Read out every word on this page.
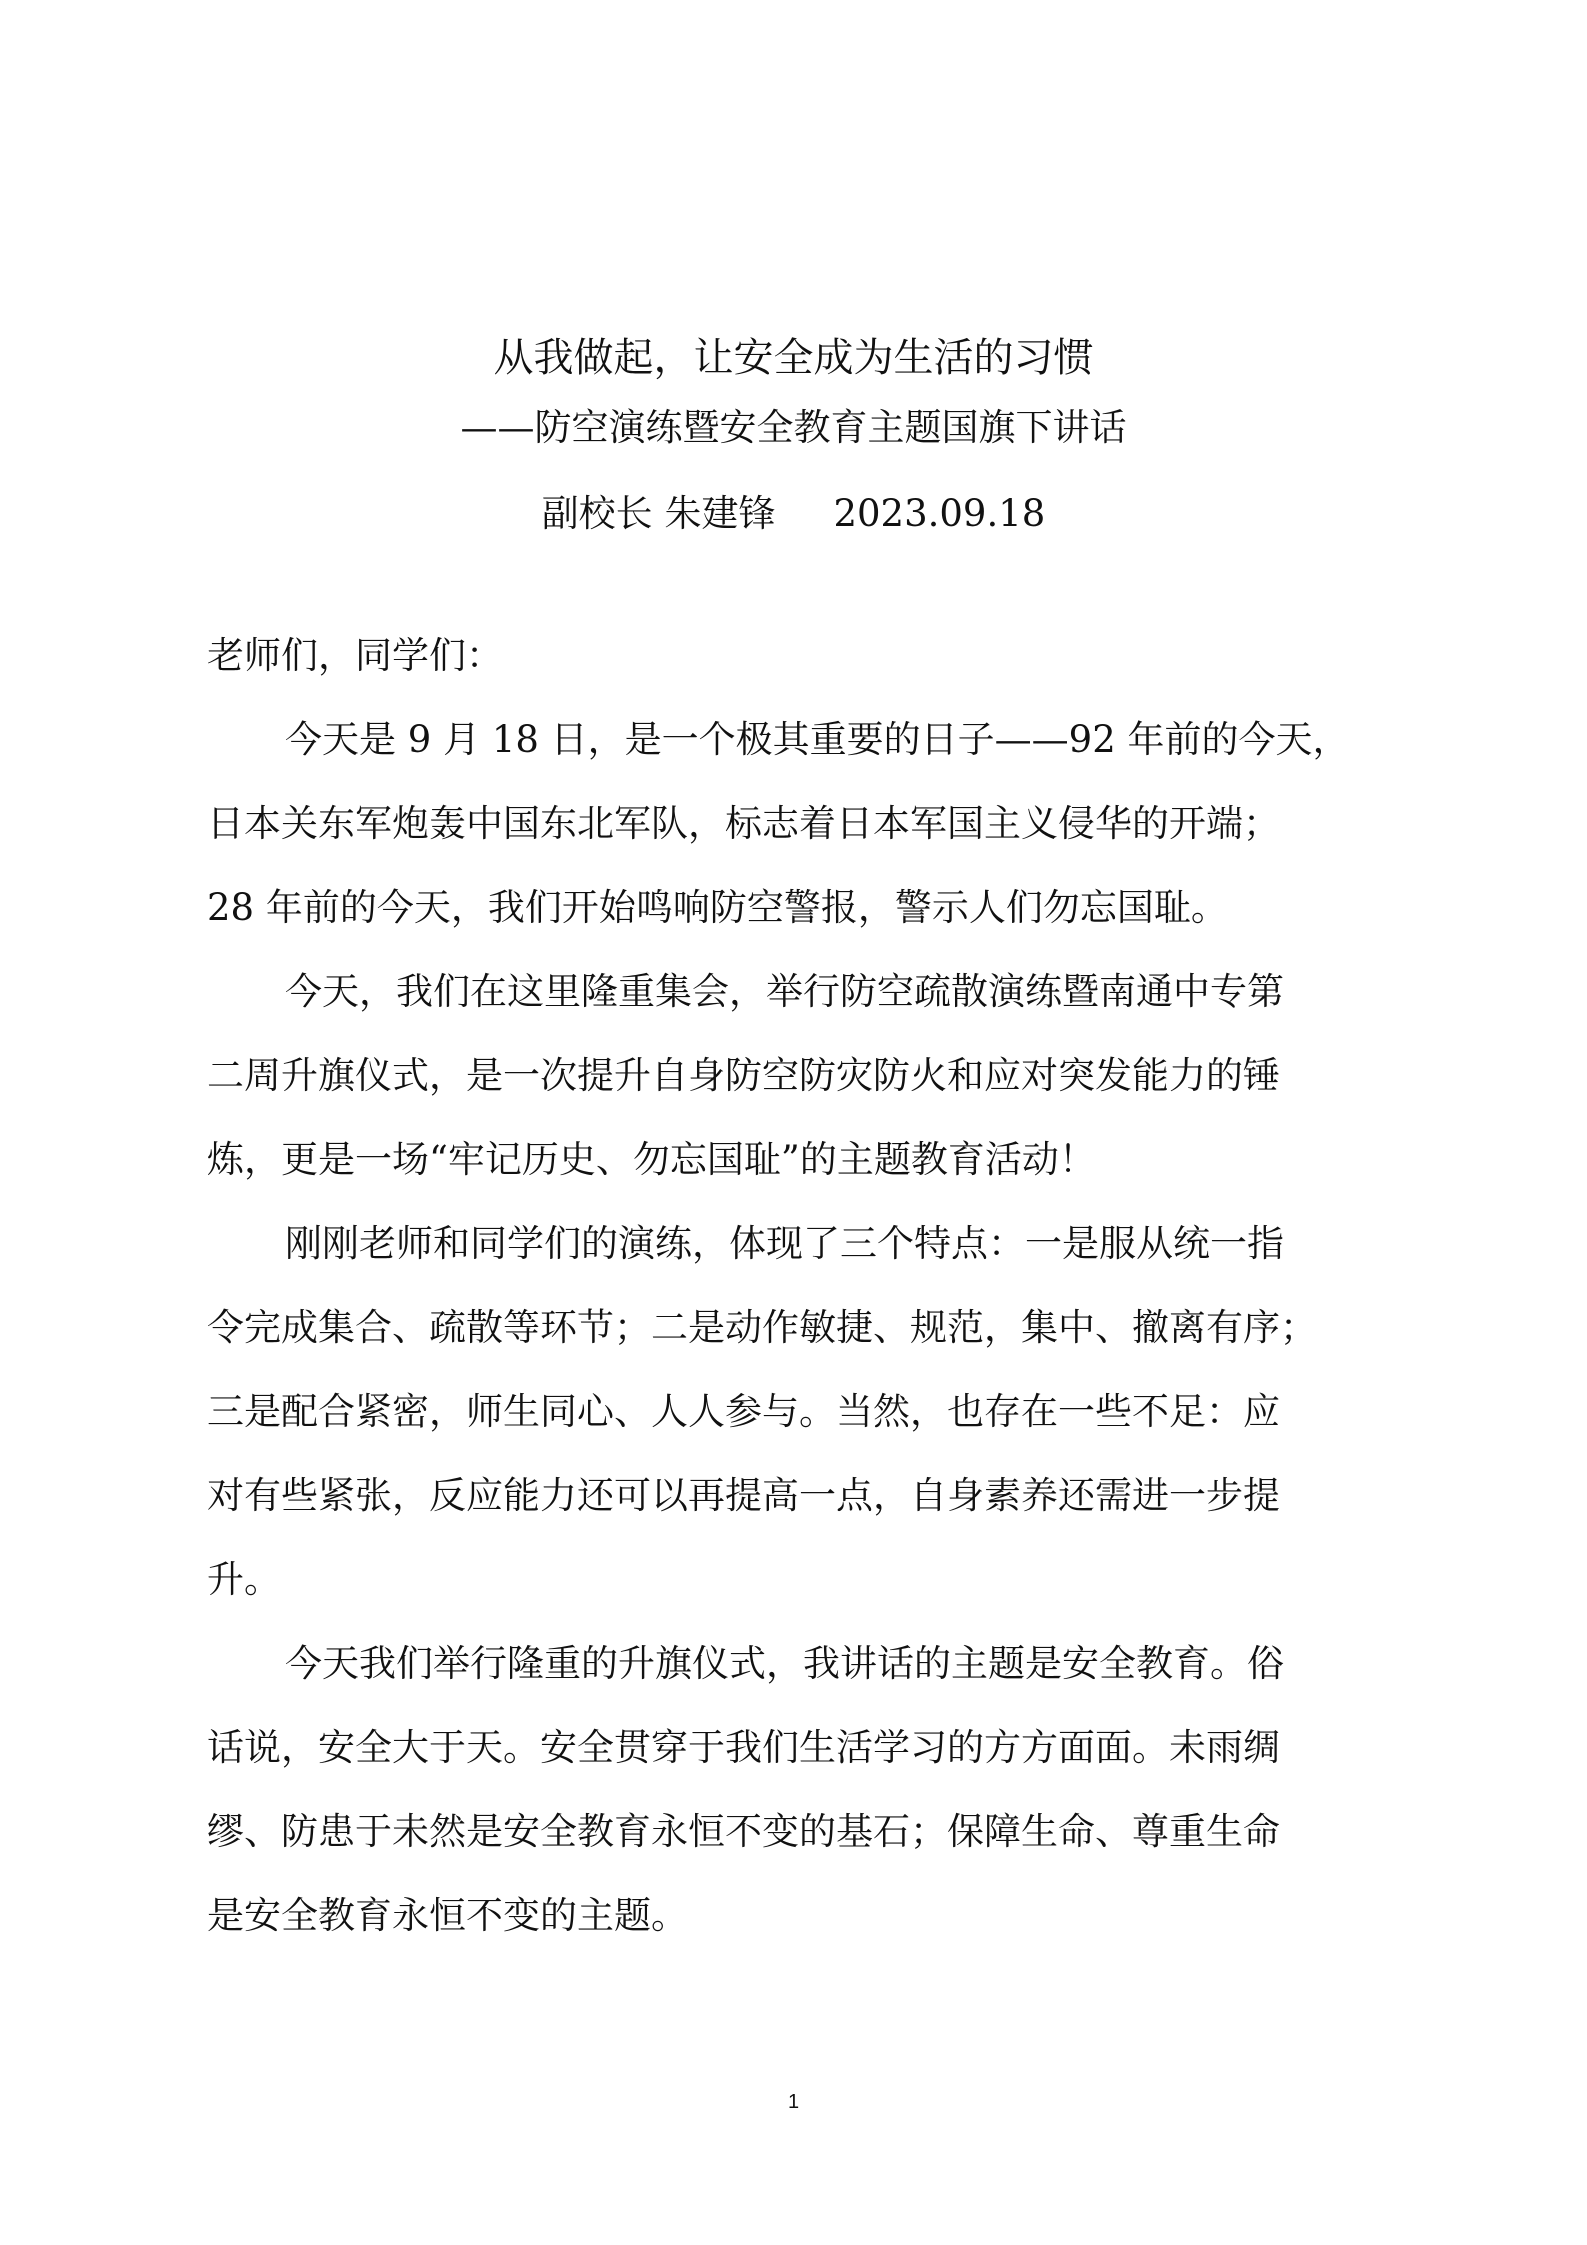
从我做起，让安全成为生活的习惯
——防空演练暨安全教育主题国旗下讲话
副校长 朱建锋 2023.09.18
老师们，同学们：
今天是 9 月 18 日，是一个极其重要的日子——92 年前的今天，
日本关东军炮轰中国东北军队，标志着日本军国主义侵华的开端；
28 年前的今天，我们开始鸣响防空警报，警示人们勿忘国耻。
今天，我们在这里隆重集会，举行防空疏散演练暨南通中专第
二周升旗仪式，是一次提升自身防空防灾防火和应对突发能力的锤
炼，更是一场“牢记历史、勿忘国耻”的主题教育活动！
刚刚老师和同学们的演练，体现了三个特点：一是服从统一指
令完成集合、疏散等环节；二是动作敏捷、规范，集中、撤离有序；
三是配合紧密，师生同心、人人参与。当然，也存在一些不足：应
对有些紧张，反应能力还可以再提高一点，自身素养还需进一步提
升。
今天我们举行隆重的升旗仪式，我讲话的主题是安全教育。俗
话说，安全大于天。安全贯穿于我们生活学习的方方面面。未雨绸
缪、防患于未然是安全教育永恒不变的基石；保障生命、尊重生命
是安全教育永恒不变的主题。
1
